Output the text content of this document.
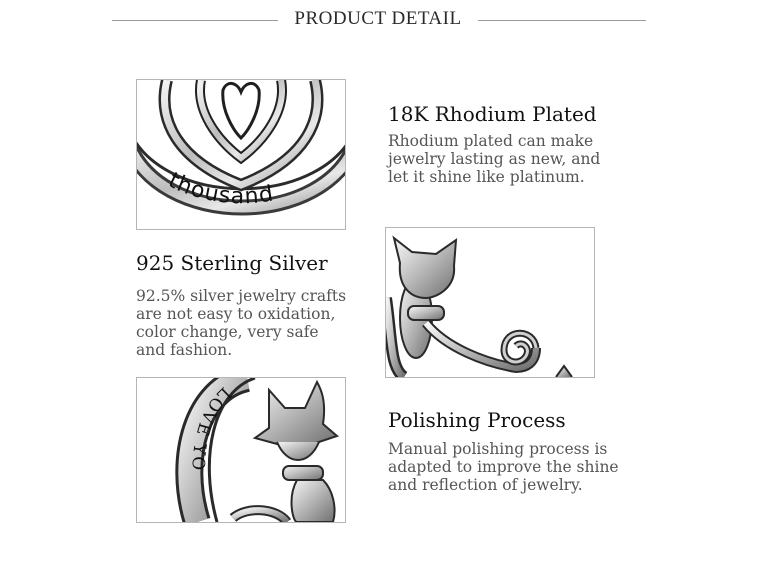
PRODUCT DETAIL
thousand
18K Rhodium Plated
Rhodium plated can make
jewelry lasting as new, and
let it shine like platinum.
925 Sterling Silver
92.5% silver jewelry crafts
are not easy to oxidation,
color change, very safe
and fashion.
LOVE YO
Polishing Process
Manual polishing process is
adapted to improve the shine
and reflection of jewelry.
